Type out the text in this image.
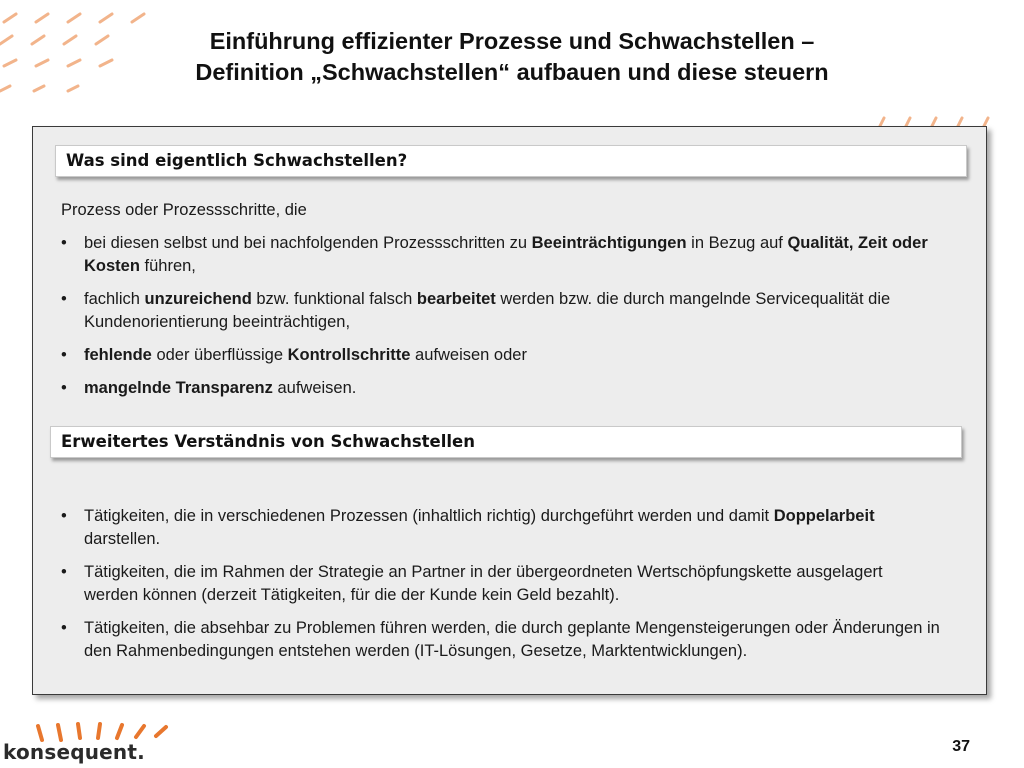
Einführung effizienter Prozesse und Schwachstellen –
Definition „Schwachstellen“ aufbauen und diese steuern
Was sind eigentlich Schwachstellen?

Prozess oder Prozessschritte, die

• bei diesen selbst und bei nachfolgenden Prozessschritten zu Beeinträchtigungen in Bezug auf Qualität, Zeit oder Kosten führen,
• fachlich unzureichend bzw. funktional falsch bearbeitet werden bzw. die durch mangelnde Servicequalität die Kundenorientierung beeinträchtigen,
• fehlende oder überflüssige Kontrollschritte aufweisen oder
• mangelnde Transparenz aufweisen.
Erweitertes Verständnis von Schwachstellen
• Tätigkeiten, die in verschiedenen Prozessen (inhaltlich richtig) durchgeführt werden und damit Doppelarbeit darstellen.
• Tätigkeiten, die im Rahmen der Strategie an Partner in der übergeordneten Wertschöpfungskette ausgelagert werden können (derzeit Tätigkeiten, für die der Kunde kein Geld bezahlt).
• Tätigkeiten, die absehbar zu Problemen führen werden, die durch geplante Mengensteigerungen oder Änderungen in den Rahmenbedingungen entstehen werden (IT-Lösungen, Gesetze, Marktentwicklungen).
konsequent.	37
